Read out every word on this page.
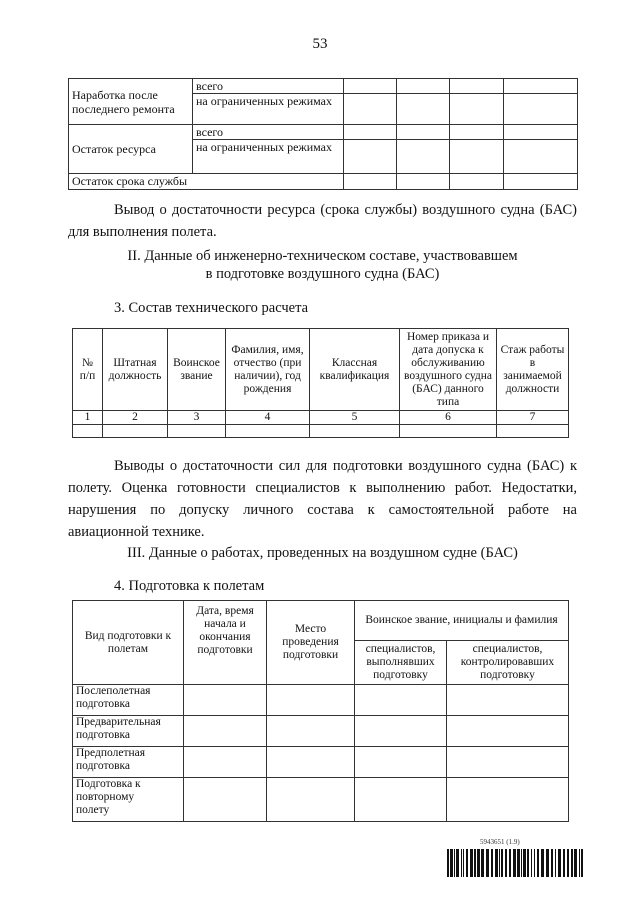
53
Наработка после последнего ремонта	всего				
	на ограниченных режимах				
Остаток ресурса	всего				
	на ограниченных режимах				
Остаток срока службы					
Вывод о достаточности ресурса (срока службы) воздушного судна (БАС) для выполнения полета.
II. Данные об инженерно-техническом составе, участвовавшем
в подготовке воздушного судна (БАС)
3. Состав технического расчета
№ п/п	Штатная должность	Воинское звание	Фамилия, имя, отчество (при наличии), год рождения	Классная квалификация	Номер приказа и дата допуска к обслуживанию воздушного судна (БАС) данного типа	Стаж работы в занимаемой должности
1	2	3	4	5	6	7

Выводы о достаточности сил для подготовки воздушного судна (БАС) к полету. Оценка готовности специалистов к выполнению работ. Недостатки, нарушения по допуску личного состава к самостоятельной работе на авиационной технике.
III. Данные о работах, проведенных на воздушном судне (БАС)
4. Подготовка к полетам
Вид подготовки к полетам	Дата, время начала и окончания подготовки	Место проведения подготовки	Воинское звание, инициалы и фамилия	
			специалистов, выполнявших подготовку	специалистов, контролировавших подготовку
Послеполетная подготовка				
Предварительная подготовка				
Предполетная подготовка				

Подготовка к повторному полету				

5943651 (1.9)
